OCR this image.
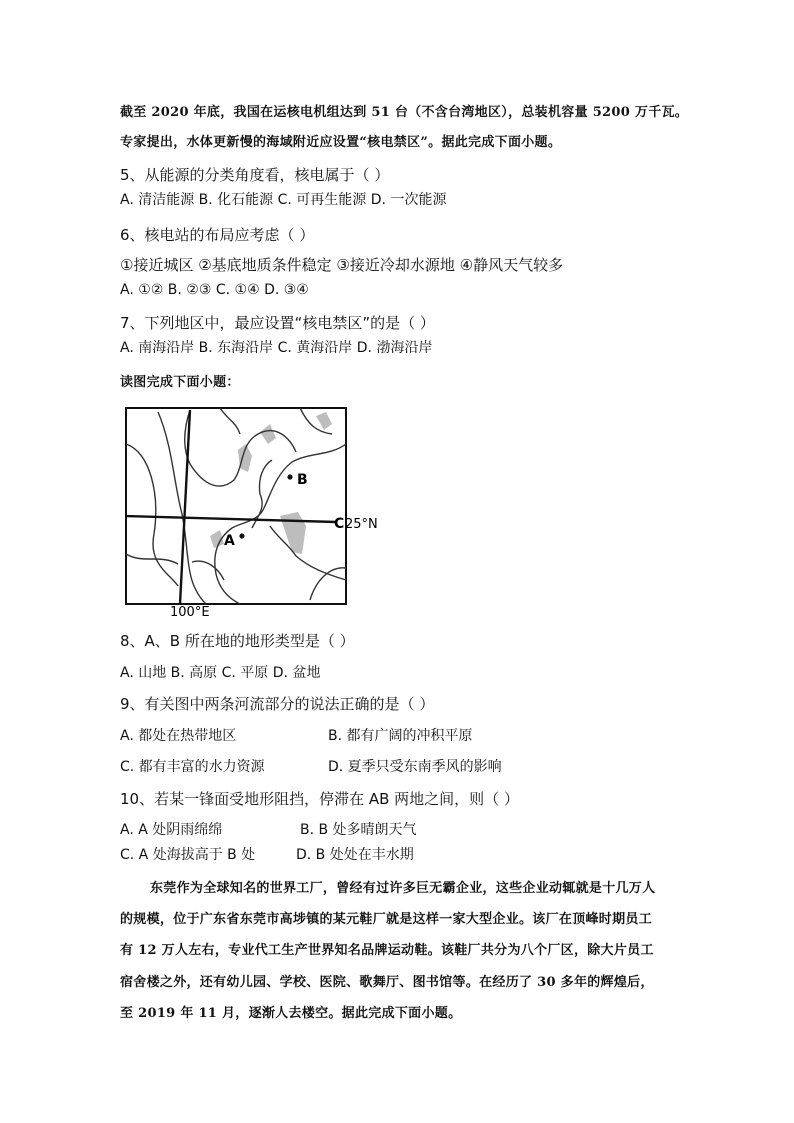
截至 2020 年底，我国在运核电机组达到 51 台（不含台湾地区），总装机容量 5200 万千瓦。
专家提出，水体更新慢的海域附近应设置“核电禁区”。据此完成下面小题。
5、从能源的分类角度看，核电属于（ ）
A. 清洁能源 B. 化石能源 C. 可再生能源 D. 一次能源
6、核电站的布局应考虑（ ）
①接近城区 ②基底地质条件稳定 ③接近冷却水源地 ④静风天气较多
A. ①② B. ②③ C. ①④ D. ③④
7、下列地区中，最应设置“核电禁区”的是（ ）
A. 南海沿岸 B. 东海沿岸 C. 黄海沿岸 D. 渤海沿岸
读图完成下面小题：
B
A
C 25°N
100°E
8、A、B 所在地的地形类型是（ ）
A. 山地 B. 高原 C. 平原 D. 盆地
9、有关图中两条河流部分的说法正确的是（ ）
A. 都处在热带地区	B. 都有广阔的冲积平原
C. 都有丰富的水力资源	D. 夏季只受东南季风的影响
10、若某一锋面受地形阻挡，停滞在 AB 两地之间，则（ ）
A. A 处阴雨绵绵	B. B 处多晴朗天气
C. A 处海拔高于 B 处	D. B 处处在丰水期
东莞作为全球知名的世界工厂，曾经有过许多巨无霸企业，这些企业动辄就是十几万人
的规模，位于广东省东莞市高埗镇的某元鞋厂就是这样一家大型企业。该厂在顶峰时期员工
有 12 万人左右，专业代工生产世界知名品牌运动鞋。该鞋厂共分为八个厂区，除大片员工
宿舍楼之外，还有幼儿园、学校、医院、歌舞厅、图书馆等。在经历了 30 多年的辉煌后，
至 2019 年 11 月，逐渐人去楼空。据此完成下面小题。
